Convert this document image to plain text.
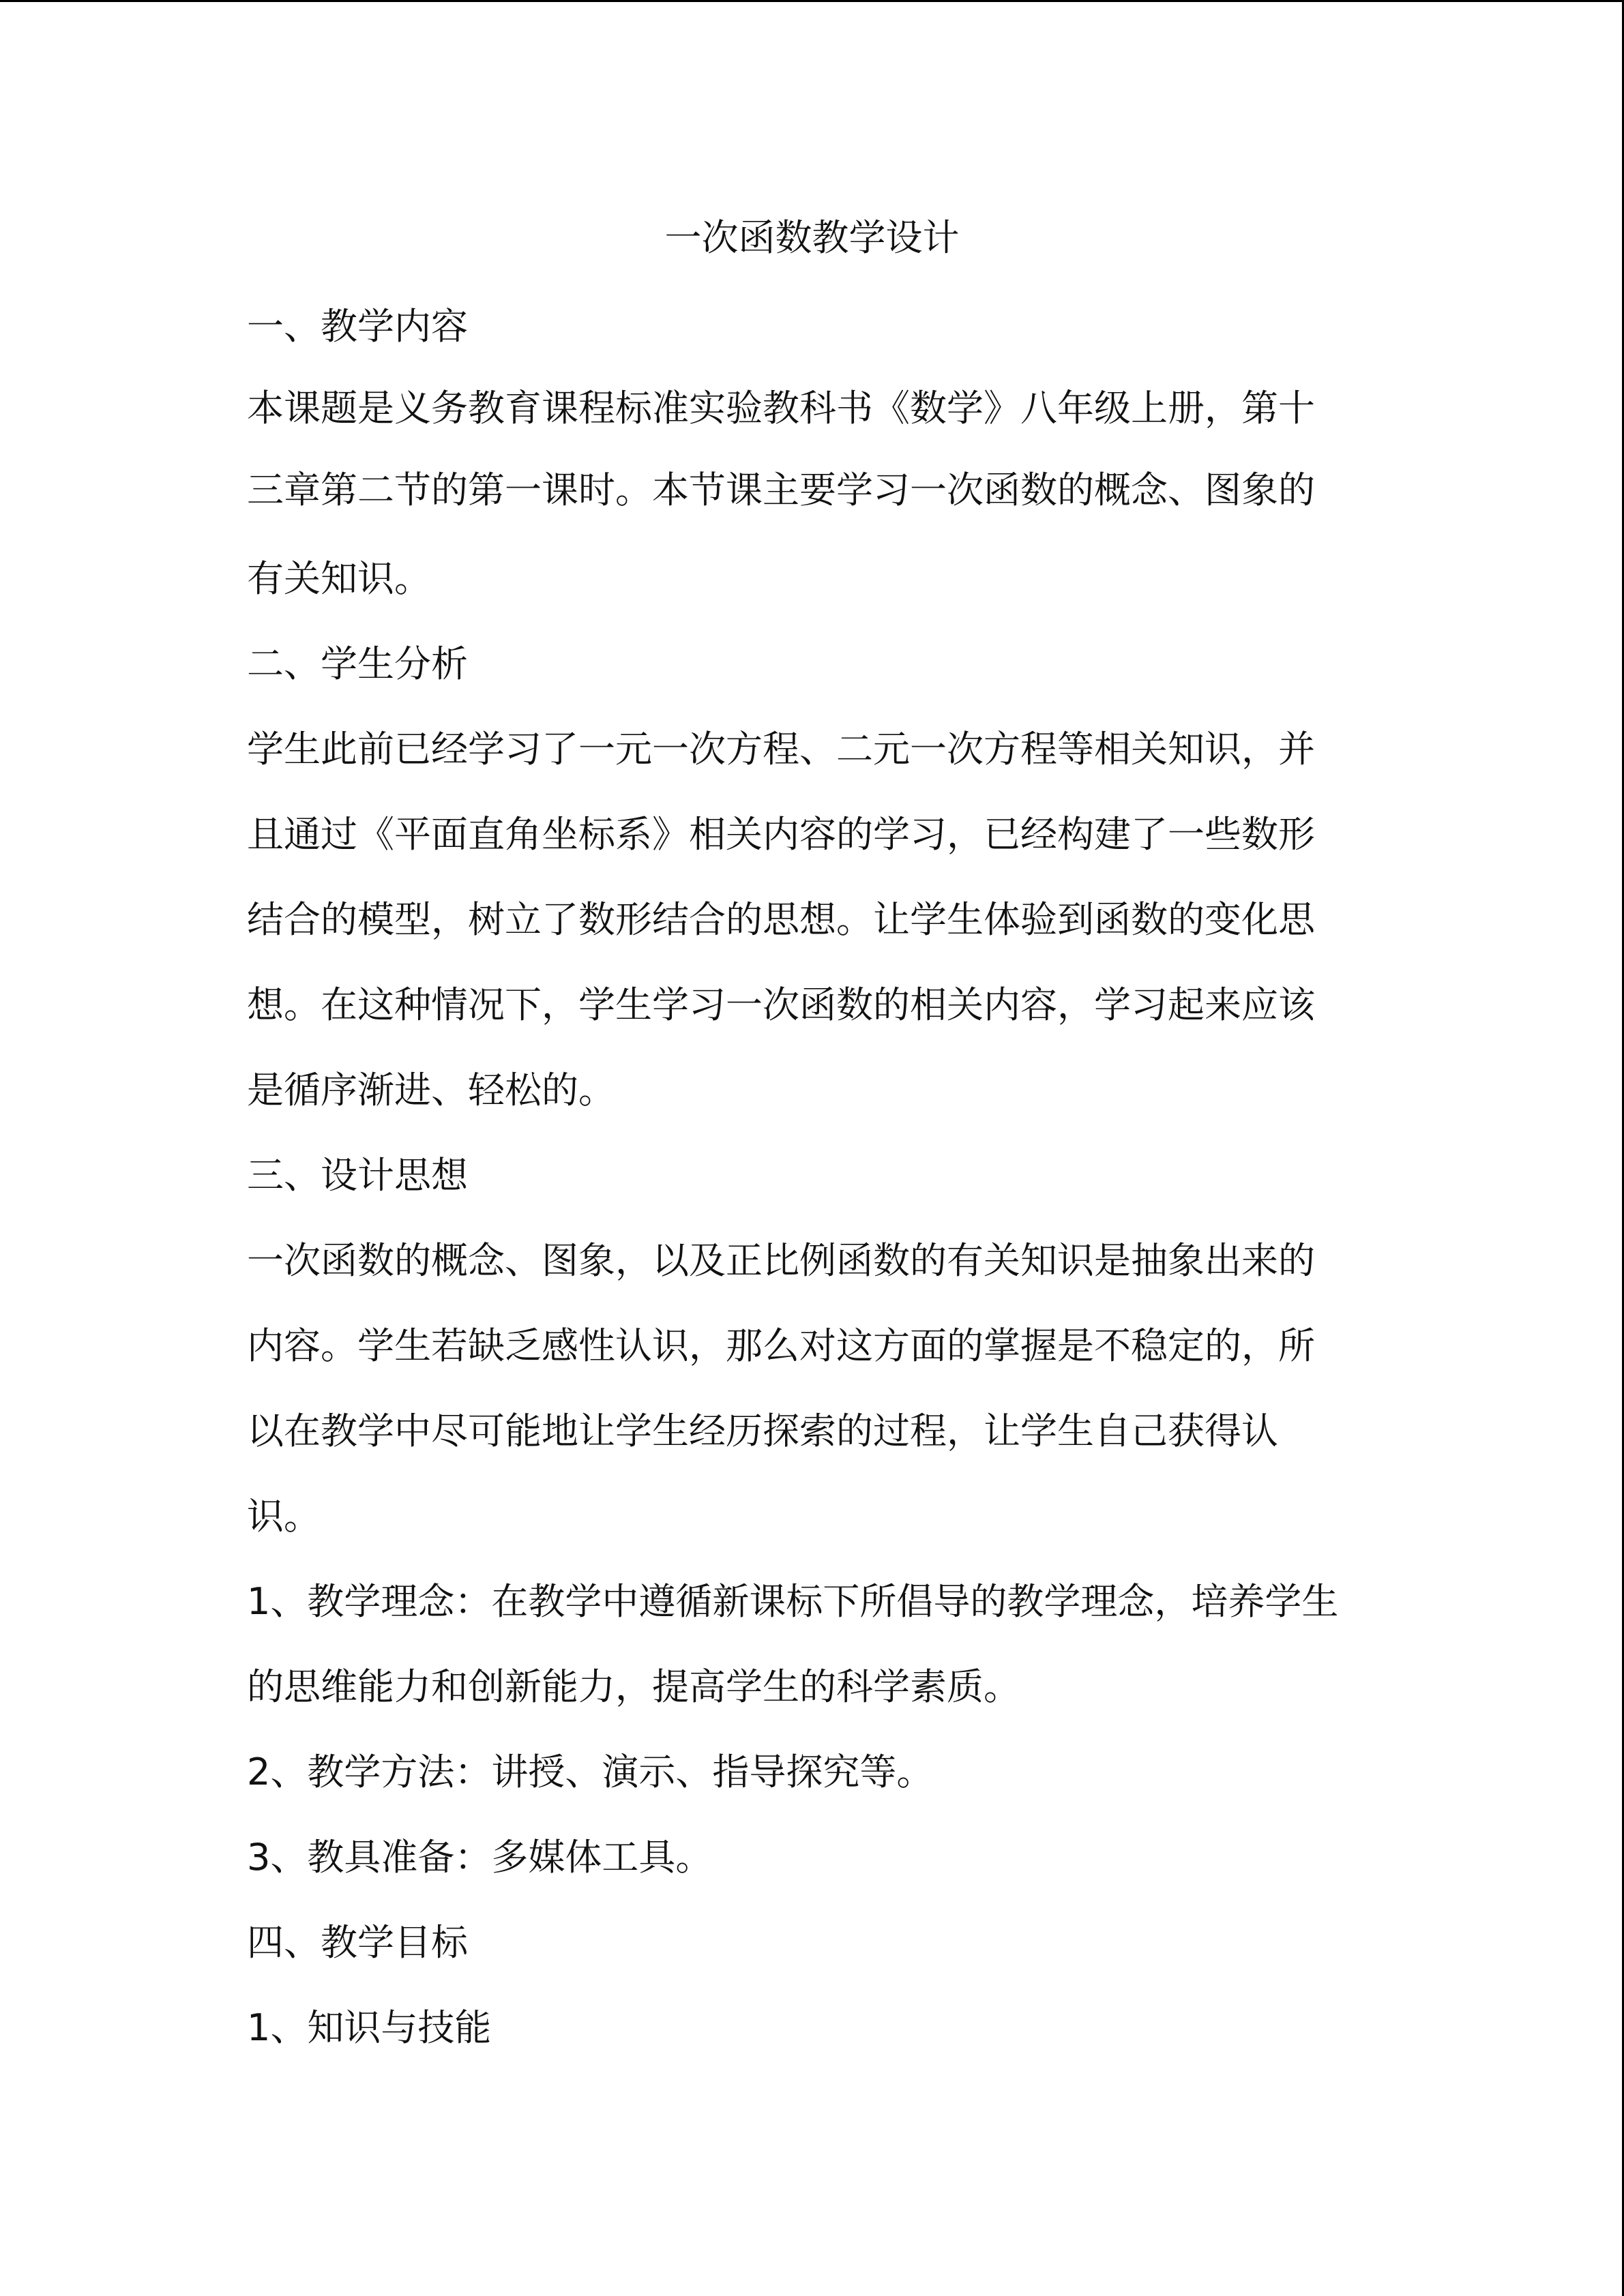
一次函数教学设计
一、教学内容
本课题是义务教育课程标准实验教科书《数学》八年级上册，第十
三章第二节的第一课时。本节课主要学习一次函数的概念、图象的
有关知识。
二、学生分析
学生此前已经学习了一元一次方程、二元一次方程等相关知识，并
且通过《平面直角坐标系》相关内容的学习，已经构建了一些数形
结合的模型，树立了数形结合的思想。让学生体验到函数的变化思
想。在这种情况下，学生学习一次函数的相关内容，学习起来应该
是循序渐进、轻松的。
三、设计思想
一次函数的概念、图象，以及正比例函数的有关知识是抽象出来的
内容。学生若缺乏感性认识，那么对这方面的掌握是不稳定的，所
以在教学中尽可能地让学生经历探索的过程，让学生自己获得认
识。
1、教学理念：在教学中遵循新课标下所倡导的教学理念，培养学生
的思维能力和创新能力，提高学生的科学素质。
2、教学方法：讲授、演示、指导探究等。
3、教具准备：多媒体工具。
四、教学目标
1、知识与技能
